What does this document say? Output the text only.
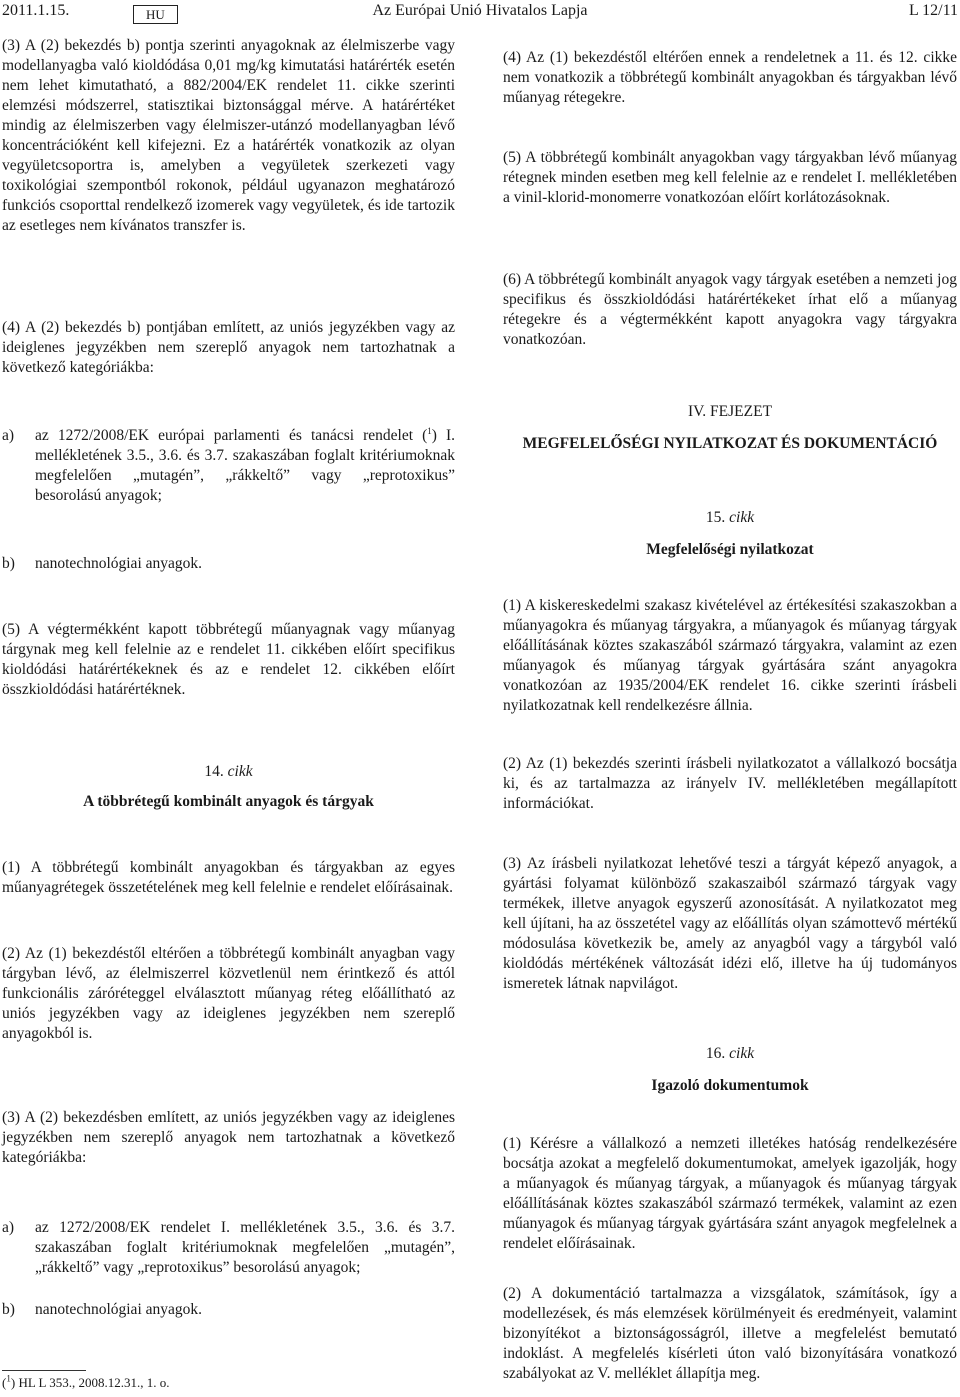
2011.1.15.	HU	Az Európai Unió Hivatalos Lapja	L 12/11

(3) A (2) bekezdés b) pontja szerinti anyagoknak az élelmiszerbe vagy modellanyagba való kioldódása 0,01 mg/kg kimutatási határérték esetén nem lehet kimutatható, a 882/2004/EK rendelet 11. cikke szerinti elemzési módszerrel, statisztikai biztonsággal mérve. A határértéket mindig az élelmiszerben vagy élelmiszer-utánzó modellanyagban lévő koncentrációként kell kifejezni. Ez a határérték vonatkozik az olyan vegyületcsoportra is, amelyben a vegyületek szerkezeti vagy toxikológiai szempontból rokonok, például ugyanazon meghatározó funkciós csoporttal rendelkező izomerek vagy vegyületek, és ide tartozik az esetleges nem kívánatos transzfer is.

(4) A (2) bekezdés b) pontjában említett, az uniós jegyzékben vagy az ideiglenes jegyzékben nem szereplő anyagok nem tartozhatnak a következő kategóriákba:

a)	az 1272/2008/EK európai parlamenti és tanácsi rendelet ($^1$) I. mellékletének 3.5., 3.6. és 3.7. szakaszában foglalt kritériumoknak megfelelően „mutagén”, „rákkeltő” vagy „reprotoxikus” besorolású anyagok;
b)	nanotechnológiai anyagok.

(5) A végtermékként kapott többrétegű műanyagnak vagy műanyag tárgynak meg kell felelnie az e rendelet 11. cikkében előírt specifikus kioldódási határértékeknek és az e rendelet 12. cikkében előírt összkioldódási határértéknek.

14. cikk

A többrétegű kombinált anyagok és tárgyak

(1) A többrétegű kombinált anyagokban és tárgyakban az egyes műanyagrétegek összetételének meg kell felelnie e rendelet előírásainak.

(2) Az (1) bekezdéstől eltérően a többrétegű kombinált anyagban vagy tárgyban lévő, az élelmiszerrel közvetlenül nem érintkező és attól funkcionális záróréteggel elválasztott műanyag réteg előállítható az uniós jegyzékben vagy az ideiglenes jegyzékben nem szereplő anyagokból is.

(3) A (2) bekezdésben említett, az uniós jegyzékben vagy az ideiglenes jegyzékben nem szereplő anyagok nem tartozhatnak a következő kategóriákba:

a)	az 1272/2008/EK rendelet I. mellékletének 3.5., 3.6. és 3.7. szakaszában foglalt kritériumoknak megfelelően „mutagén”, „rákkeltő” vagy „reprotoxikus” besorolású anyagok;
b)	nanotechnológiai anyagok.
($^1$) HL L 353., 2008.12.31., 1. o.

(4) Az (1) bekezdéstől eltérően ennek a rendeletnek a 11. és 12. cikke nem vonatkozik a többrétegű kombinált anyagokban és tárgyakban lévő műanyag rétegekre.

(5) A többrétegű kombinált anyagokban vagy tárgyakban lévő műanyag rétegnek minden esetben meg kell felelnie az e rendelet I. mellékletében a vinil-klorid-monomerre vonatkozóan előírt korlátozásoknak.

(6) A többrétegű kombinált anyagok vagy tárgyak esetében a nemzeti jog specifikus és összkioldódási határértékeket írhat elő a műanyag rétegekre és a végtermékként kapott anyagokra vagy tárgyakra vonatkozóan.

IV. FEJEZET

MEGFELELŐSÉGI NYILATKOZAT ÉS DOKUMENTÁCIÓ

15. cikk

Megfelelőségi nyilatkozat

(1) A kiskereskedelmi szakasz kivételével az értékesítési szakaszokban a műanyagokra és műanyag tárgyakra, a műanyagok és műanyag tárgyak előállításának köztes szakaszából származó tárgyakra, valamint az ezen műanyagok és műanyag tárgyak gyártására szánt anyagokra vonatkozóan az 1935/2004/EK rendelet 16. cikke szerinti írásbeli nyilatkozatnak kell rendelkezésre állnia.

(2) Az (1) bekezdés szerinti írásbeli nyilatkozatot a vállalkozó bocsátja ki, és az tartalmazza az irányelv IV. mellékletében megállapított információkat.

(3) Az írásbeli nyilatkozat lehetővé teszi a tárgyát képező anyagok, a gyártási folyamat különböző szakaszaiból származó tárgyak vagy termékek, illetve anyagok egyszerű azonosítását. A nyilatkozatot meg kell újítani, ha az összetétel vagy az előállítás olyan számottevő mértékű módosulása következik be, amely az anyagból vagy a tárgyból való kioldódás mértékének változását idézi elő, illetve ha új tudományos ismeretek látnak napvilágot.

16. cikk

Igazoló dokumentumok

(1) Kérésre a vállalkozó a nemzeti illetékes hatóság rendelkezésére bocsátja azokat a megfelelő dokumentumokat, amelyek igazolják, hogy a műanyagok és műanyag tárgyak, a műanyagok és műanyag tárgyak előállításának köztes szakaszából származó termékek, valamint az ezen műanyagok és műanyag tárgyak gyártására szánt anyagok megfelelnek a rendelet előírásainak.

(2) A dokumentáció tartalmazza a vizsgálatok, számítások, így a modellezések, és más elemzések körülményeit és eredményeit, valamint bizonyítékot a biztonságosságról, illetve a megfelelést bemutató indoklást. A megfelelés kísérleti úton való bizonyítására vonatkozó szabályokat az V. melléklet állapítja meg.
